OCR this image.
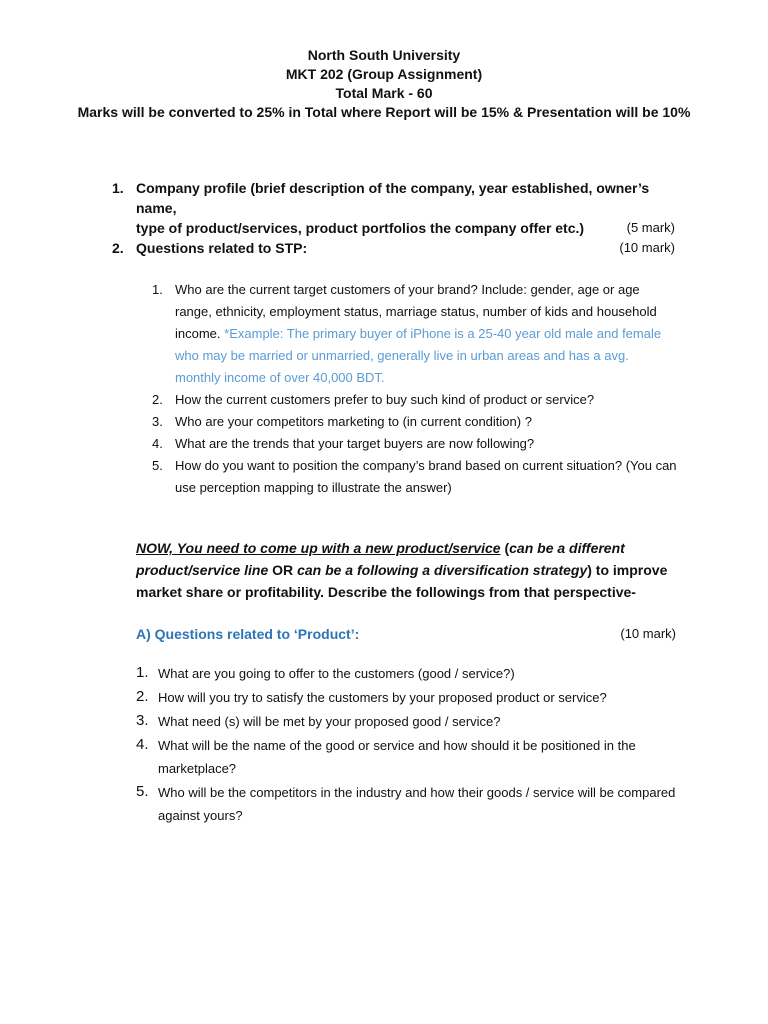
North South University
MKT 202 (Group Assignment)
Total Mark - 60
Marks will be converted to 25% in Total where Report will be 15% & Presentation will be 10%
1. Company profile (brief description of the company, year established, owner’s name,
type of product/services, product portfolios the company offer etc.)	(5 mark)
2. Questions related to STP:	(10 mark)
1. Who are the current target customers of your brand? Include: gender, age or age range, ethnicity, employment status, marriage status, number of kids and household income. *Example: The primary buyer of iPhone is a 25-40 year old male and female who may be married or unmarried, generally live in urban areas and has a avg. monthly income of over 40,000 BDT.
2. How the current customers prefer to buy such kind of product or service?
3. Who are your competitors marketing to (in current condition) ?
4. What are the trends that your target buyers are now following?
5. How do you want to position the company’s brand based on current situation? (You can use perception mapping to illustrate the answer)
NOW, You need to come up with a new product/service (can be a different product/service line OR can be a following a diversification strategy) to improve market share or profitability. Describe the followings from that perspective-
A) Questions related to ‘Product’:	(10 mark)
1. What are you going to offer to the customers (good / service?)
2. How will you try to satisfy the customers by your proposed product or service?
3. What need (s) will be met by your proposed good / service?
4. What will be the name of the good or service and how should it be positioned in the marketplace?
5. Who will be the competitors in the industry and how their goods / service will be compared against yours?
